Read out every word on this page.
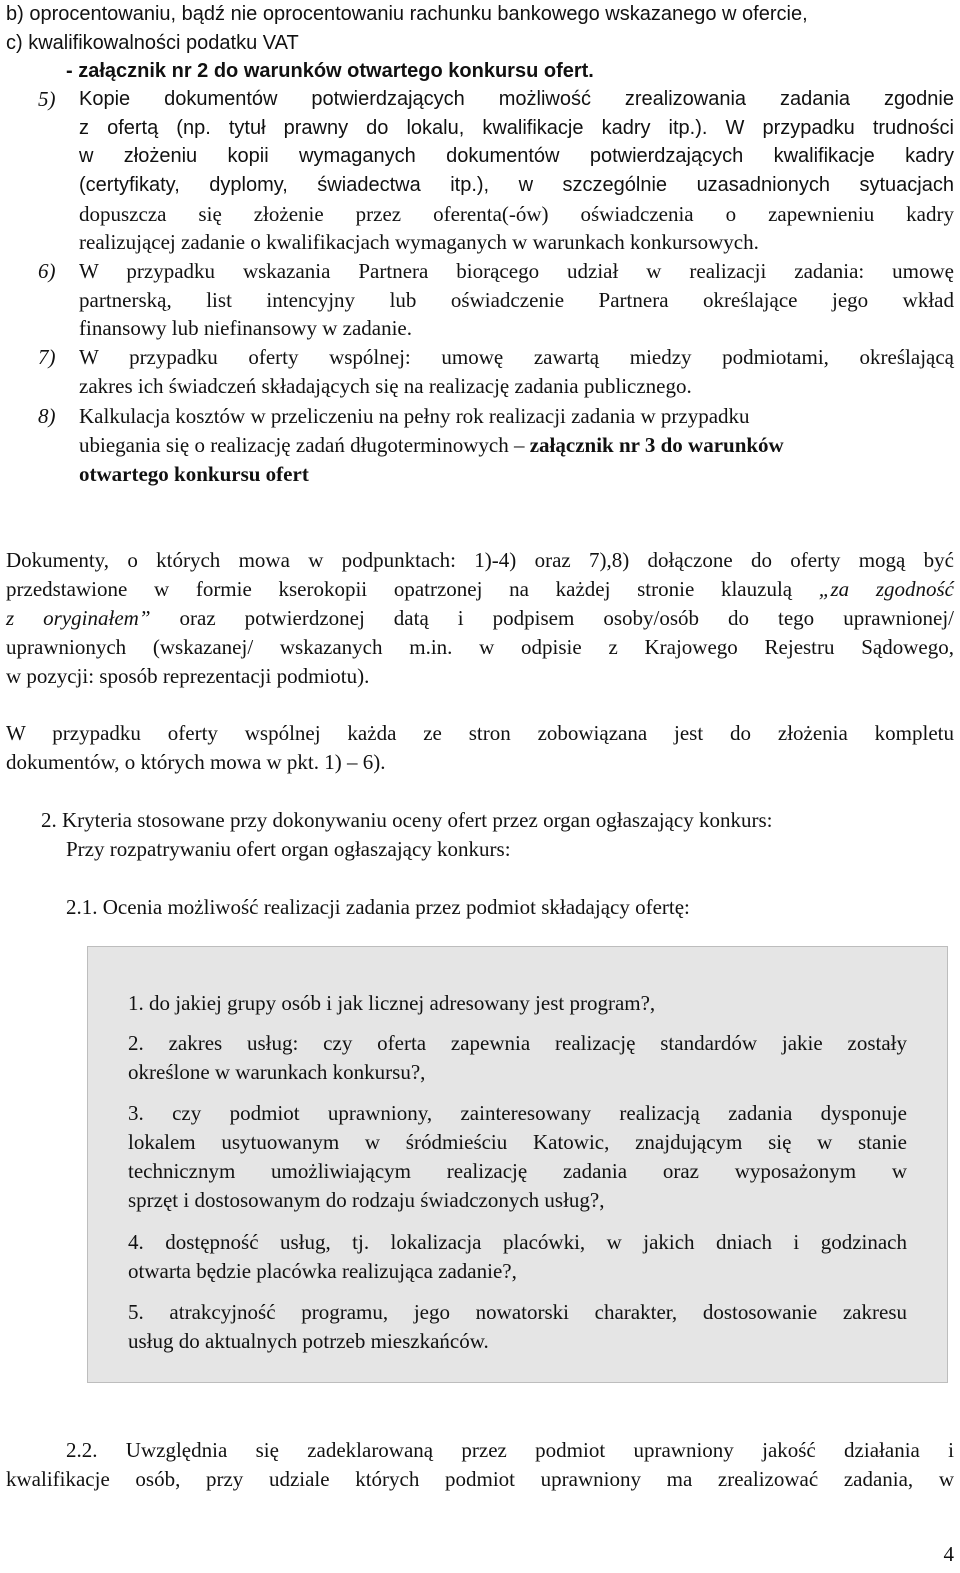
b) oprocentowaniu, bądź nie oprocentowaniu rachunku bankowego wskazanego w ofercie,
c) kwalifikowalności podatku VAT
- załącznik nr 2 do warunków otwartego konkursu ofert.
5) Kopie dokumentów potwierdzających możliwość zrealizowania zadania zgodnie
z ofertą (np. tytuł prawny do lokalu, kwalifikacje kadry itp.). W przypadku trudności
w złożeniu kopii wymaganych dokumentów potwierdzających kwalifikacje kadry
(certyfikaty, dyplomy, świadectwa itp.), w szczególnie uzasadnionych sytuacjach
dopuszcza się złożenie przez oferenta(-ów) oświadczenia o zapewnieniu kadry
realizującej zadanie o kwalifikacjach wymaganych w warunkach konkursowych.
6) W przypadku wskazania Partnera biorącego udział w realizacji zadania: umowę
partnerską, list intencyjny lub oświadczenie Partnera określające jego wkład
finansowy lub niefinansowy w zadanie.
7) W przypadku oferty wspólnej: umowę zawartą miedzy podmiotami, określającą
zakres ich świadczeń składających się na realizację zadania publicznego.
8) Kalkulacja kosztów w przeliczeniu na pełny rok realizacji zadania w przypadku
ubiegania się o realizację zadań długoterminowych – załącznik nr 3 do warunków
otwartego konkursu ofert
Dokumenty, o których mowa w podpunktach: 1)-4) oraz 7),8) dołączone do oferty mogą być
przedstawione w formie kserokopii opatrzonej na każdej stronie klauzulą „za zgodność
z oryginałem” oraz potwierdzonej datą i podpisem osoby/osób do tego uprawnionej/
uprawnionych (wskazanej/ wskazanych m.in. w odpisie z Krajowego Rejestru Sądowego,
w pozycji: sposób reprezentacji podmiotu).
W przypadku oferty wspólnej każda ze stron zobowiązana jest do złożenia kompletu
dokumentów, o których mowa w pkt. 1) – 6).
2. Kryteria stosowane przy dokonywaniu oceny ofert przez organ ogłaszający konkurs:
Przy rozpatrywaniu ofert organ ogłaszający konkurs:
2.1. Ocenia możliwość realizacji zadania przez podmiot składający ofertę:
1. do jakiej grupy osób i jak licznej adresowany jest program?,
2. zakres usług: czy oferta zapewnia realizację standardów jakie zostały
określone w warunkach konkursu?,
3. czy podmiot uprawniony, zainteresowany realizacją zadania dysponuje
lokalem usytuowanym w śródmieściu Katowic, znajdującym się w stanie
technicznym umożliwiającym realizację zadania oraz wyposażonym w
sprzęt i dostosowanym do rodzaju świadczonych usług?,
4. dostępność usług, tj. lokalizacja placówki, w jakich dniach i godzinach
otwarta będzie placówka realizująca zadanie?,
5. atrakcyjność programu, jego nowatorski charakter, dostosowanie zakresu
usług do aktualnych potrzeb mieszkańców.
2.2. Uwzględnia się zadeklarowaną przez podmiot uprawniony jakość działania i
kwalifikacje osób, przy udziale których podmiot uprawniony ma zrealizować zadania, w
4
